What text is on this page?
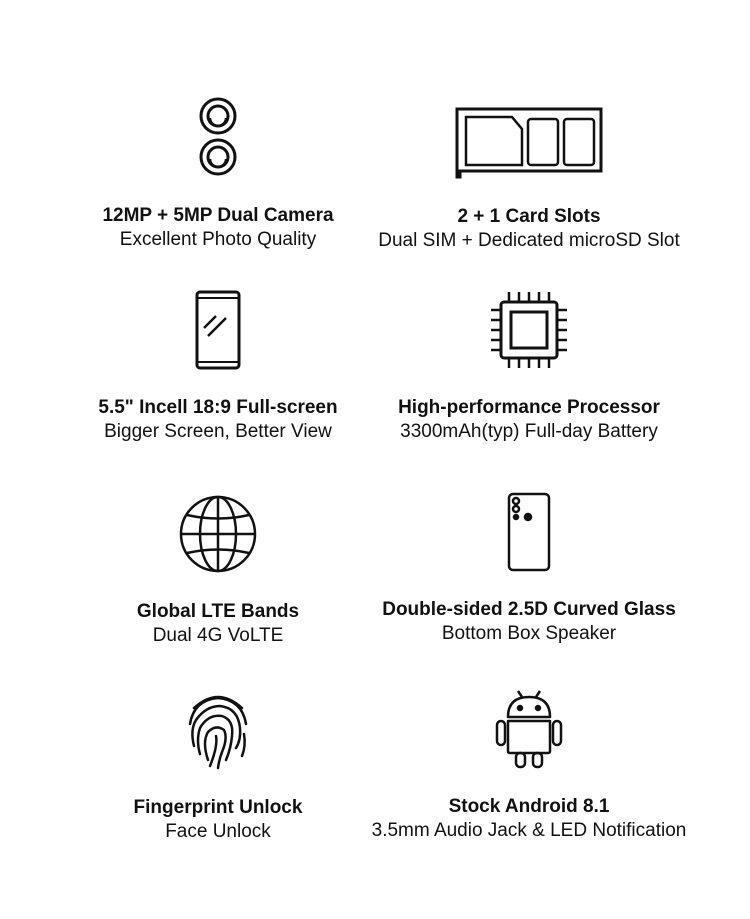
12MP + 5MP Dual Camera
Excellent Photo Quality
2 + 1 Card Slots
Dual SIM + Dedicated microSD Slot
5.5" Incell 18:9 Full-screen
Bigger Screen, Better View
High-performance Processor
3300mAh(typ) Full-day Battery
Global LTE Bands
Dual 4G VoLTE
Double-sided 2.5D Curved Glass
Bottom Box Speaker
Fingerprint Unlock
Face Unlock
Stock Android 8.1
3.5mm Audio Jack & LED Notification
